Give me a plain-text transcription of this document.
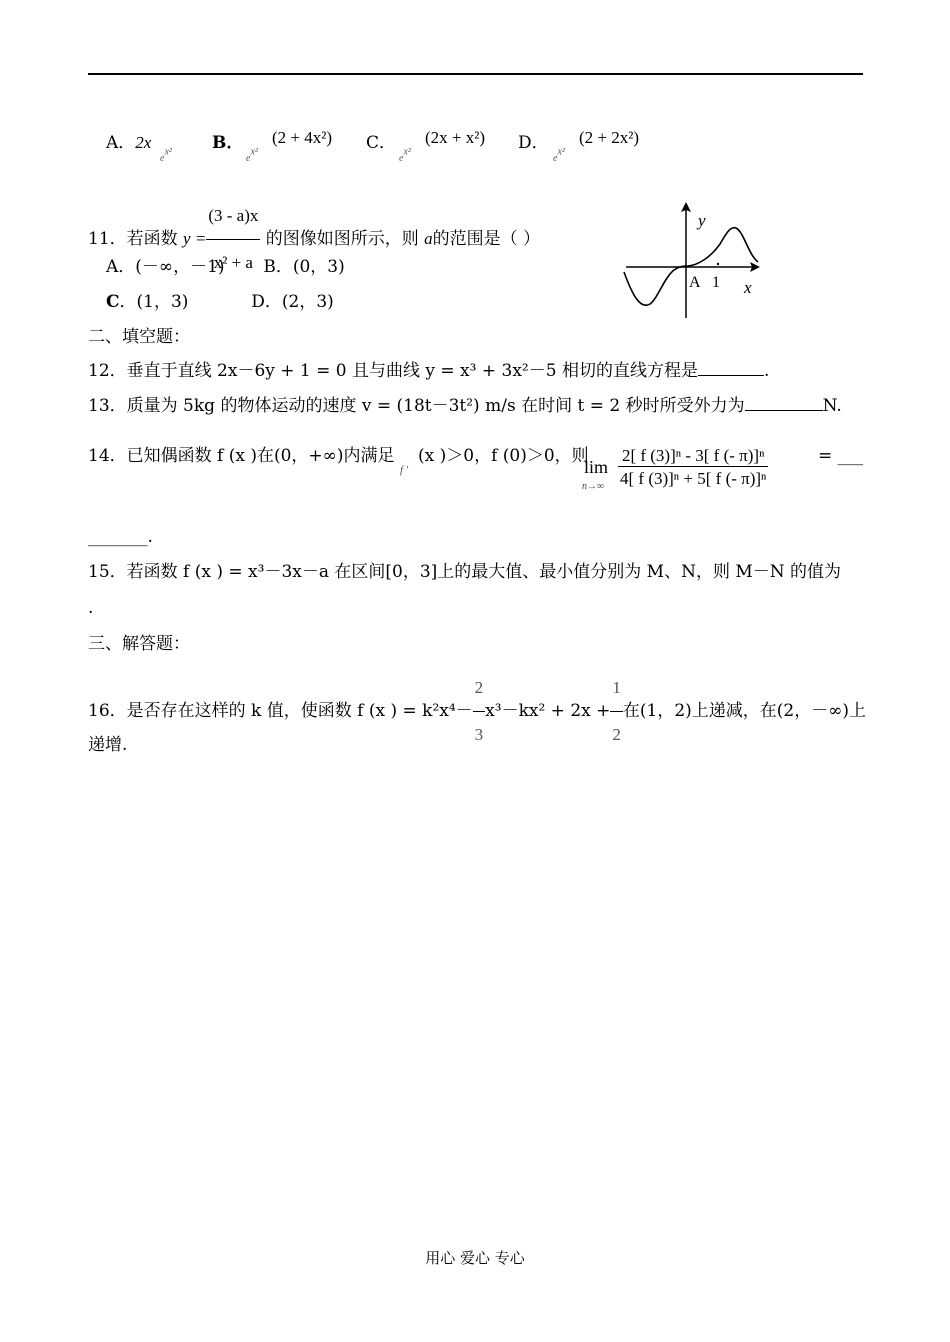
A．2x
$e^{x^2}$ B．
$e^{x^2}$
(2 + 4x²) C．
$e^{x^2}$
(2x + x²) D．
$e^{x^2}$
(2 + 2x²)
11．若函数 $y = \frac{(3 - a)x}{\text{x² + a}}$ 的图像如图所示，则 a的范围是（ ）
A．(－∞，－1) B．(0，3)
C．(1，3)	D．(2，3)
y
x
A 1
二、填空题：
12．垂直于直线 2x－6y + 1 = 0 且与曲线 y = x³ + 3x²－5 相切的直线方程是	.
13．质量为 5kg 的物体运动的速度 v = (18t－3t²) m/s 在时间 t = 2 秒时所受外力为	N.
14．已知偶函数 f (x )在(0，+∞)内满足
f ′
(x )＞0，f (0)＞0，则
lim
n→∞
2[ f (3)]ⁿ - 3[ f (- π)]ⁿ
4[ f (3)]ⁿ + 5[ f (- π)]ⁿ
= ___
_______.
15．若函数 f (x ) = x³－3x－a 在区间[0，3]上的最大值、最小值分别为 M、N，则 M－N 的值为
.
三、解答题：
16．是否存在这样的 k 值，使函数 f (x ) = $k^2x^4- \frac{2}{3} x^3-kx^2 + 2x + \frac{1}{2}$ 在(1，2)上递减，在(2，－∞)上
递增.
用心 爱心 专心
